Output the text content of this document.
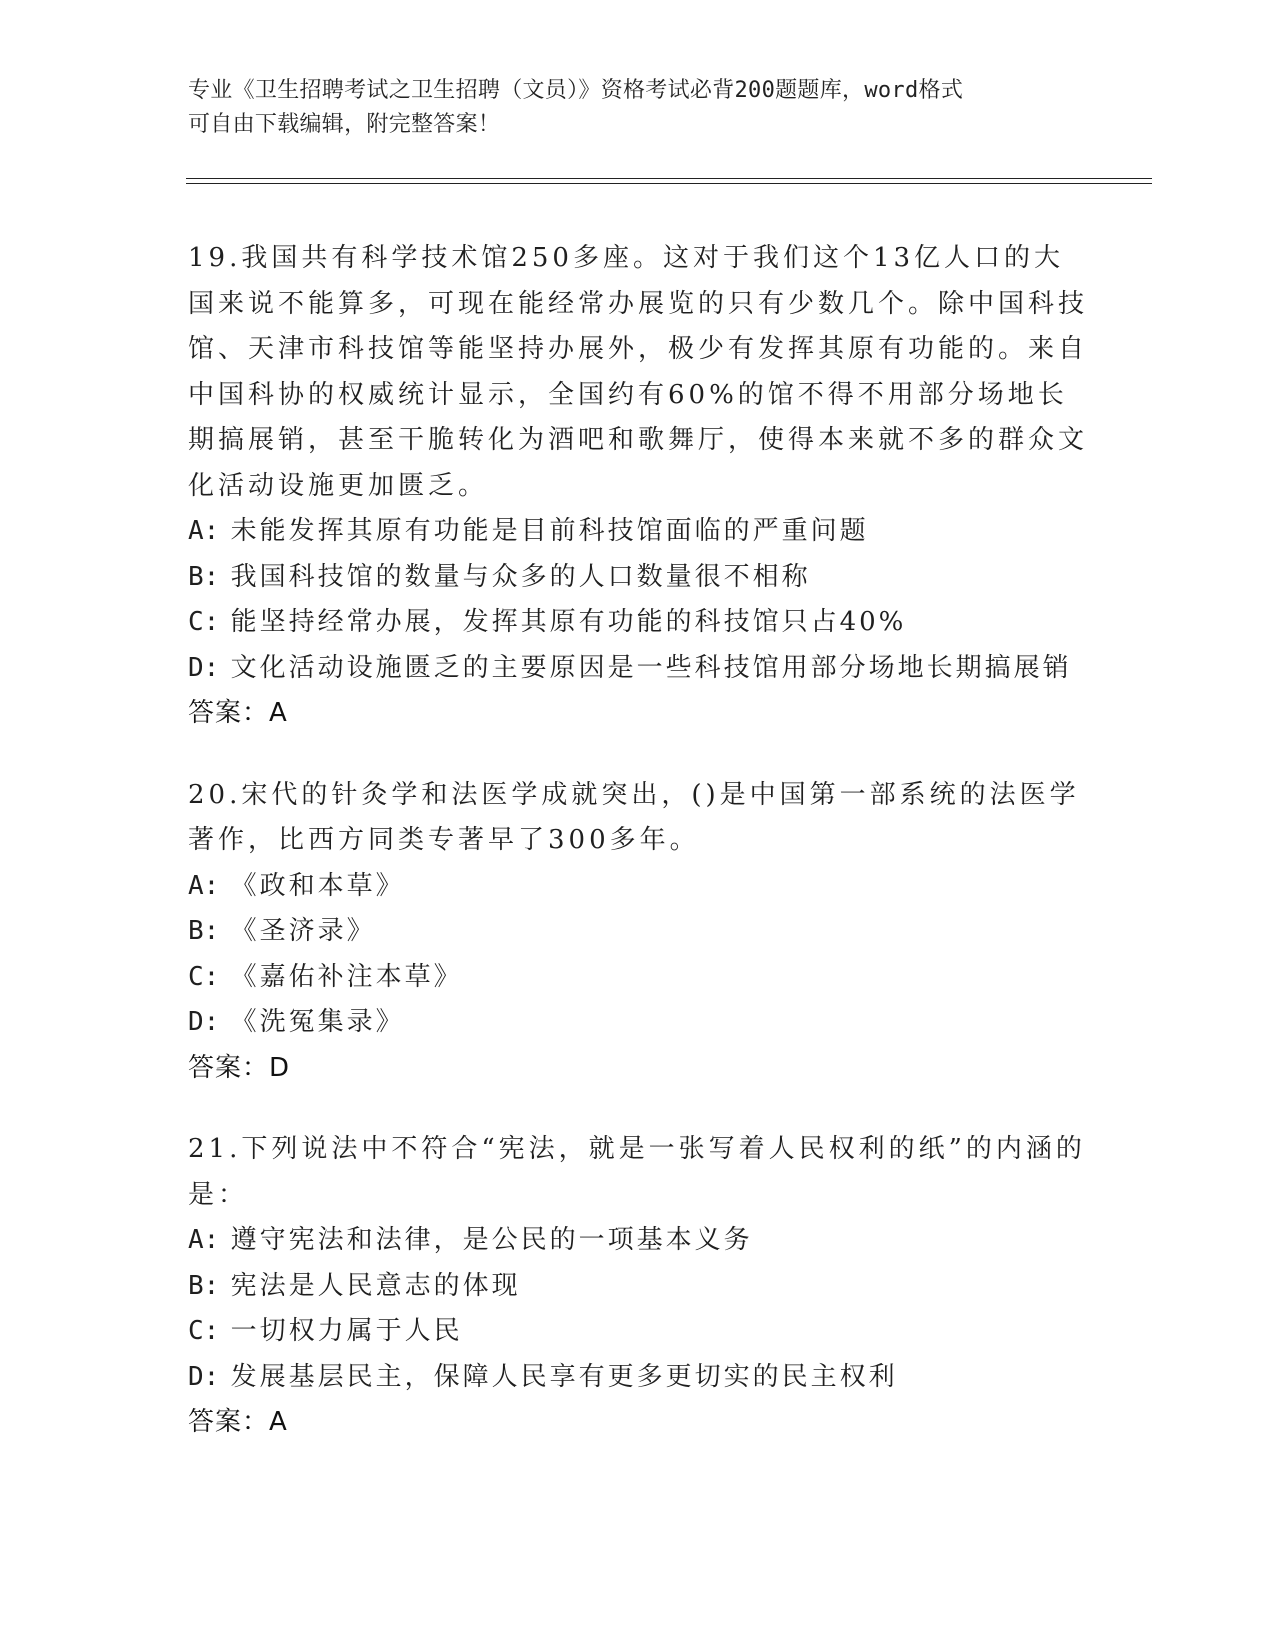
专业《卫生招聘考试之卫生招聘（文员）》资格考试必背200题题库，word格式
可自由下载编辑，附完整答案！
19.我国共有科学技术馆250多座。这对于我们这个13亿人口的大国来说不能算多，可现在能经常办展览的只有少数几个。除中国科技馆、天津市科技馆等能坚持办展外，极少有发挥其原有功能的。来自中国科协的权威统计显示，全国约有60%的馆不得不用部分场地长期搞展销，甚至干脆转化为酒吧和歌舞厅，使得本来就不多的群众文化活动设施更加匮乏。
A: 未能发挥其原有功能是目前科技馆面临的严重问题
B: 我国科技馆的数量与众多的人口数量很不相称
C: 能坚持经常办展，发挥其原有功能的科技馆只占40%
D: 文化活动设施匮乏的主要原因是一些科技馆用部分场地长期搞展销
答案：A
20.宋代的针灸学和法医学成就突出，()是中国第一部系统的法医学著作，比西方同类专著早了300多年。
A: 《政和本草》
B: 《圣济录》
C: 《嘉佑补注本草》
D: 《洗冤集录》
答案：D
21.下列说法中不符合“宪法，就是一张写着人民权利的纸”的内涵的是：
A: 遵守宪法和法律，是公民的一项基本义务
B: 宪法是人民意志的体现
C: 一切权力属于人民
D: 发展基层民主，保障人民享有更多更切实的民主权利
答案：A
